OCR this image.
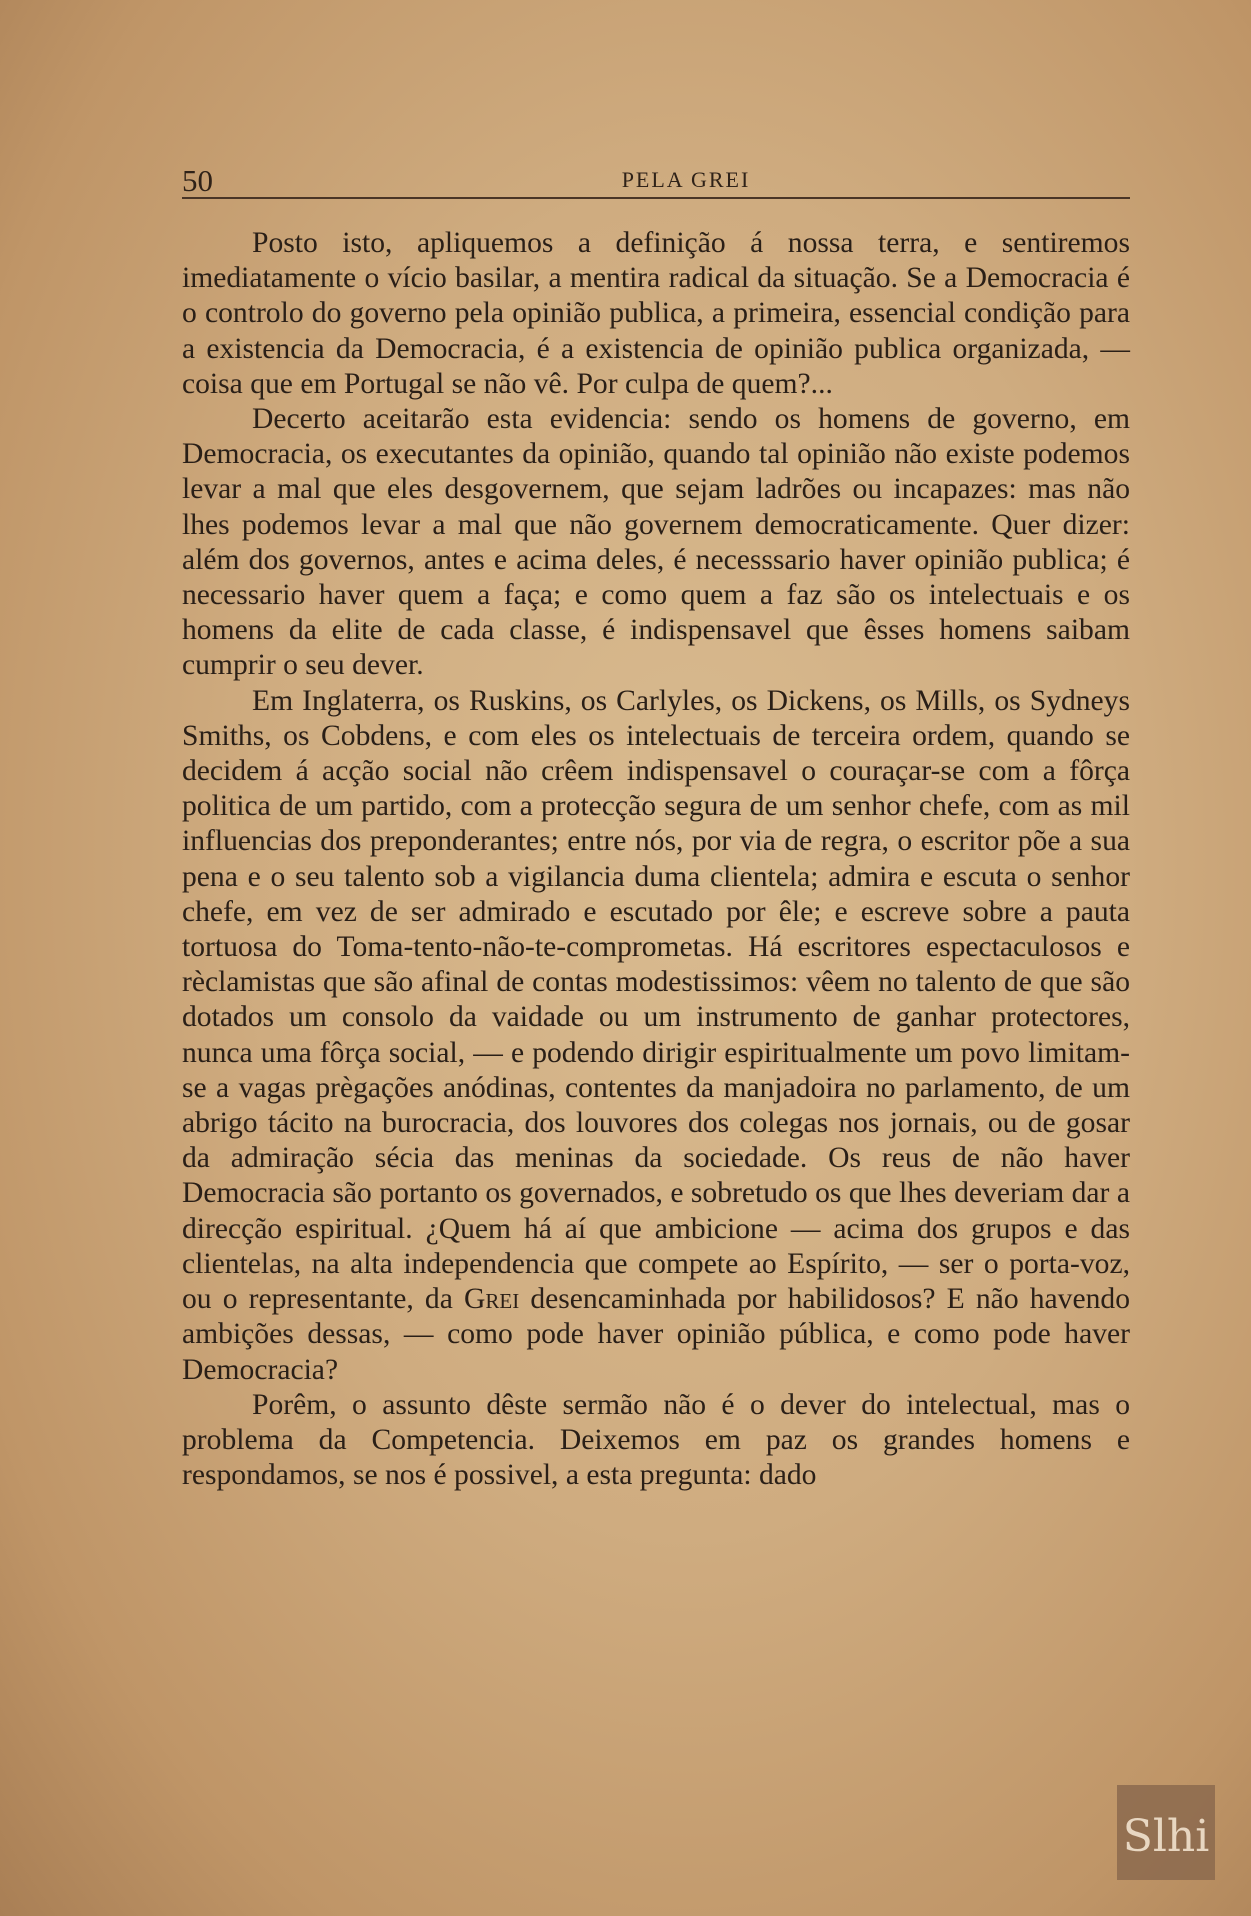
50	PELA GREI

Posto isto, apliquemos a definição á nossa terra, e sentiremos imediatamente o vício basilar, a mentira radical da situação. Se a Democracia é o controlo do governo pela opinião publica, a primeira, essencial condição para a existencia da Democracia, é a existencia de opinião publica organizada, — coisa que em Portugal se não vê. Por culpa de quem?...

Decerto aceitarão esta evidencia: sendo os homens de governo, em Democracia, os executantes da opinião, quando tal opinião não existe podemos levar a mal que eles desgovernem, que sejam ladrões ou incapazes: mas não lhes podemos levar a mal que não governem democraticamente. Quer dizer: além dos governos, antes e acima deles, é necesssario haver opinião publica; é necessario haver quem a faça; e como quem a faz são os intelectuais e os homens da elite de cada classe, é indispensavel que êsses homens saibam cumprir o seu dever.

Em Inglaterra, os Ruskins, os Carlyles, os Dickens, os Mills, os Sydneys Smiths, os Cobdens, e com eles os intelectuais de terceira ordem, quando se decidem á acção social não crêem indispensavel o couraçar-se com a fôrça politica de um partido, com a protecção segura de um senhor chefe, com as mil influencias dos preponderantes; entre nós, por via de regra, o escritor põe a sua pena e o seu talento sob a vigilancia duma clientela; admira e escuta o senhor chefe, em vez de ser admirado e escutado por êle; e escreve sobre a pauta tortuosa do Toma-tento-não-te-comprometas. Há escritores espectaculosos e rèclamistas que são afinal de contas modestissimos: vêem no talento de que são dotados um consolo da vaidade ou um instrumento de ganhar protectores, nunca uma fôrça social, — e podendo dirigir espiritualmente um povo limitam-se a vagas prègações anódinas, contentes da manjadoira no parlamento, de um abrigo tácito na burocracia, dos louvores dos colegas nos jornais, ou de gosar da admiração sécia das meninas da sociedade. Os reus de não haver Democracia são portanto os governados, e sobretudo os que lhes deveriam dar a direcção espiritual. ¿Quem há aí que ambicione — acima dos grupos e das clientelas, na alta independencia que compete ao Espírito, — ser o porta-voz, ou o representante, da Grei desencaminhada por habilidosos? E não havendo ambições dessas, — como pode haver opinião pública, e como pode haver Democracia?

Porêm, o assunto dêste sermão não é o dever do intelectual, mas o problema da Competencia. Deixemos em paz os grandes homens e respondamos, se nos é possivel, a esta pregunta: dado

Slhi
